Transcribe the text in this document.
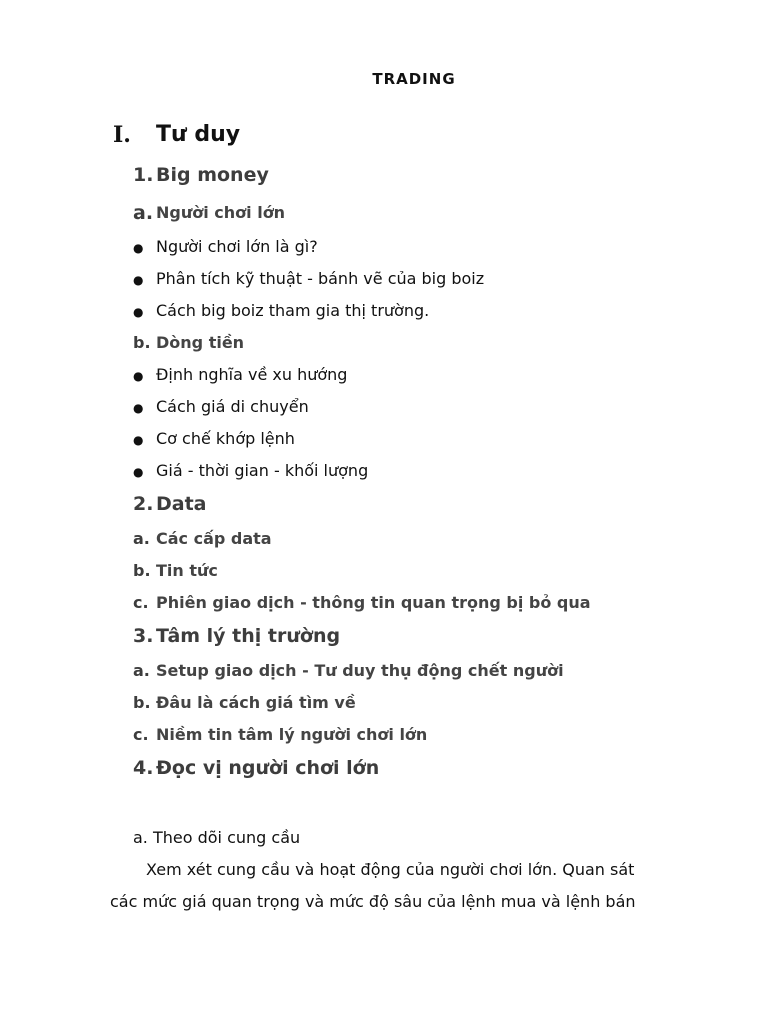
TRADING
I. Tư duy
1. Big money
a. Người chơi lớn
● Người chơi lớn là gì?
● Phân tích kỹ thuật - bánh vẽ của big boiz
● Cách big boiz tham gia thị trường.
b. Dòng tiền
● Định nghĩa về xu hướng
● Cách giá di chuyển
● Cơ chế khớp lệnh
● Giá - thời gian - khối lượng
2. Data
a. Các cấp data
b. Tin tức
c. Phiên giao dịch - thông tin quan trọng bị bỏ qua
3. Tâm lý thị trường
a. Setup giao dịch - Tư duy thụ động chết người
b. Đâu là cách giá tìm về
c. Niềm tin tâm lý người chơi lớn
4. Đọc vị người chơi lớn
a. Theo dõi cung cầu
Xem xét cung cầu và hoạt động của người chơi lớn. Quan sát
các mức giá quan trọng và mức độ sâu của lệnh mua và lệnh bán
